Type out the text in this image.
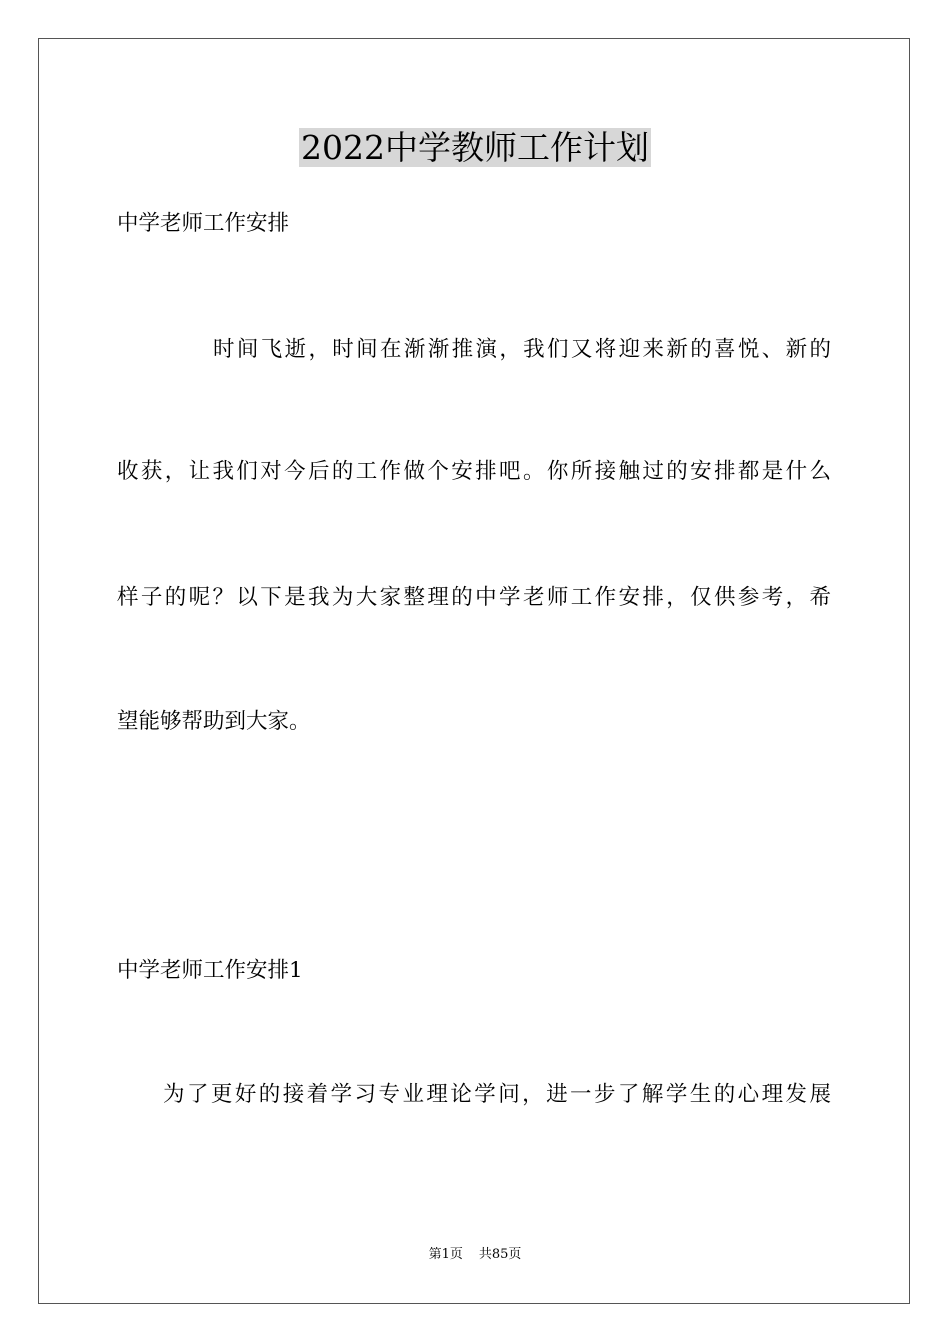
2022中学教师工作计划
中学老师工作安排
时间飞逝，时间在渐渐推演，我们又将迎来新的喜悦、新的
收获，让我们对今后的工作做个安排吧。你所接触过的安排都是什么
样子的呢？以下是我为大家整理的中学老师工作安排，仅供参考，希
望能够帮助到大家。
中学老师工作安排1
为了更好的接着学习专业理论学问，进一步了解学生的心理发展
第1页 共85页
